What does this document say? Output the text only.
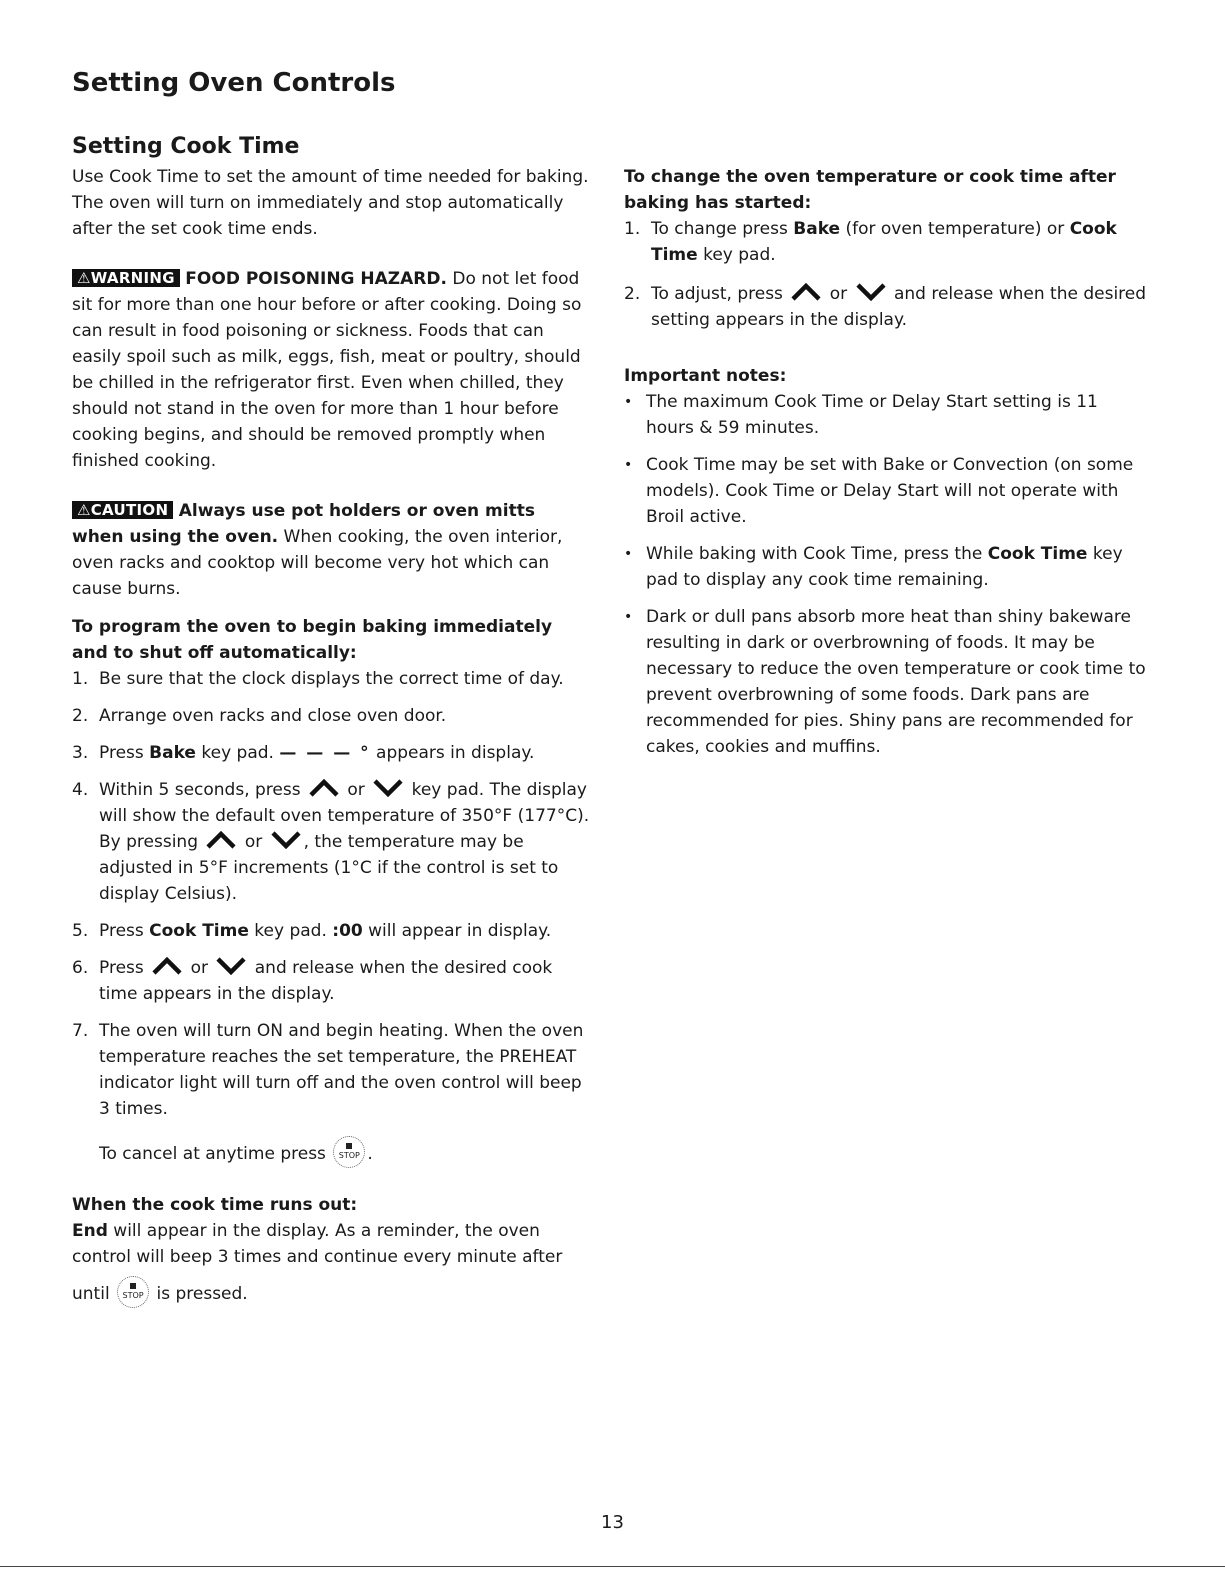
Setting Oven Controls
Setting Cook Time

Use Cook Time to set the amount of time needed for baking. The oven will turn on immediately and stop automatically after the set cook time ends.

⚠WARNING FOOD POISONING HAZARD. Do not let food sit for more than one hour before or after cooking. Doing so can result in food poisoning or sickness. Foods that can easily spoil such as milk, eggs, fish, meat or poultry, should be chilled in the refrigerator first. Even when chilled, they should not stand in the oven for more than 1 hour before cooking begins, and should be removed promptly when finished cooking.

⚠CAUTION Always use pot holders or oven mitts when using the oven. When cooking, the oven interior, oven racks and cooktop will become very hot which can cause burns.

To program the oven to begin baking immediately and to shut off automatically:

1. Be sure that the clock displays the correct time of day.
2. Arrange oven racks and close oven door.
3. Press Bake key pad. — — — ° appears in display.
4. Within 5 seconds, press	or	key pad. The display will show the default oven temperature of 350°F (177°C). By pressing	or , the temperature may be adjusted in 5°F increments (1°C if the control is set to display Celsius).
5. Press Cook Time key pad. :00 will appear in display.
6. Press	or	and release when the desired cook time appears in the display.
7. The oven will turn ON and begin heating. When the oven temperature reaches the set temperature, the PREHEAT indicator light will turn off and the oven control will beep 3 times.

To cancel at anytime press	STOP .

When the cook time runs out:

End will appear in the display. As a reminder, the oven control will beep 3 times and continue every minute after

until	STOP is pressed.

To change the oven temperature or cook time after baking has started:

1. To change press Bake (for oven temperature) or Cook Time key pad.
2. To adjust, press	or	and release when the desired setting appears in the display.

Important notes:

• The maximum Cook Time or Delay Start setting is 11 hours & 59 minutes.
• Cook Time may be set with Bake or Convection (on some models). Cook Time or Delay Start will not operate with Broil active.
• While baking with Cook Time, press the Cook Time key pad to display any cook time remaining.
• Dark or dull pans absorb more heat than shiny bakeware resulting in dark or overbrowning of foods. It may be necessary to reduce the oven temperature or cook time to prevent overbrowning of some foods. Dark pans are recommended for pies. Shiny pans are recommended for cakes, cookies and muffins.
13
